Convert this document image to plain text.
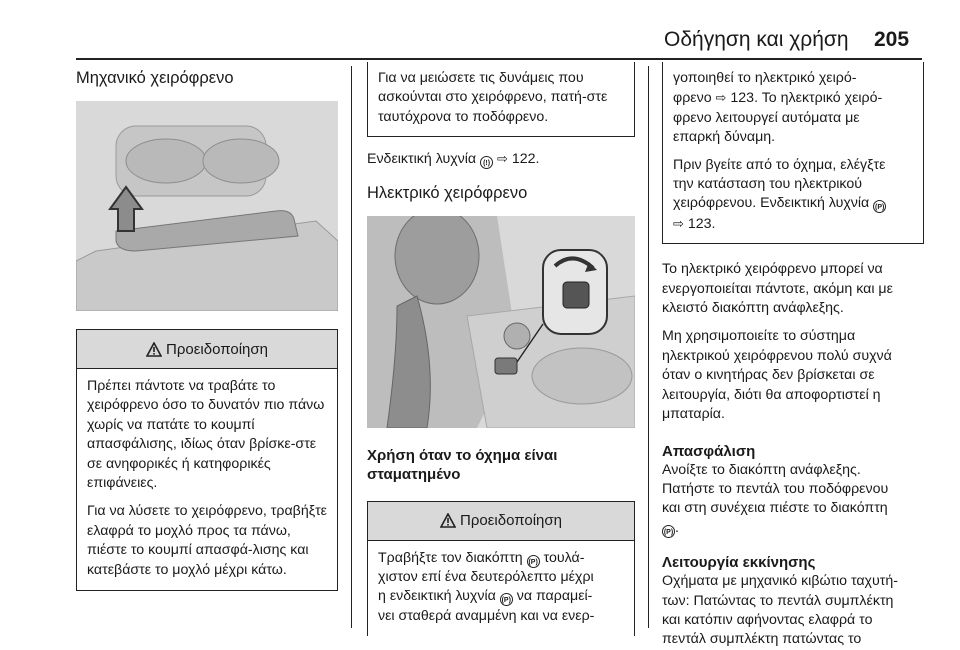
Οδήγηση και χρήση 205
Μηχανικό χειρόφρενο
Προειδοποίηση

Πρέπει πάντοτε να τραβάτε το χειρόφρενο όσο το δυνατόν πιο πάνω χωρίς να πατάτε το κουμπί απασφάλισης, ιδίως όταν βρίσκε-στε σε ανηφορικές ή κατηφορικές επιφάνειες.

Για να λύσετε το χειρόφρενο, τραβήξτε ελαφρά το μοχλό προς τα πάνω, πιέστε το κουμπί απασφά-λισης και κατεβάστε το μοχλό μέχρι κάτω.

Για να μειώσετε τις δυνάμεις που ασκούνται στο χειρόφρενο, πατή-στε ταυτόχρονα το ποδόφρενο.

Ενδεικτική λυχνία (!) ⇨ 122.

Ηλεκτρικό χειρόφρενο
Χρήση όταν το όχημα είναι σταματημένο
Προειδοποίηση

Τραβήξτε τον διακόπτη (P) τουλά-

χιστον επί ένα δευτερόλεπτο μέχρι

η ενδεικτική λυχνία (P) να παραμεί-

νει σταθερά αναμμένη και να ενερ-

γοποιηθεί το ηλεκτρικό χειρό-

φρενο ⇨ 123. Το ηλεκτρικό χειρό-

φρενο λειτουργεί αυτόματα με

επαρκή δύναμη.

Πριν βγείτε από το όχημα, ελέγξτε

την κατάσταση του ηλεκτρικού

χειρόφρενου. Ενδεικτική λυχνία (P)

⇨ 123.

Το ηλεκτρικό χειρόφρενο μπορεί να ενεργοποιείται πάντοτε, ακόμη και με κλειστό διακόπτη ανάφλεξης.

Μη χρησιμοποιείτε το σύστημα ηλεκτρικού χειρόφρενου πολύ συχνά όταν ο κινητήρας δεν βρίσκεται σε λειτουργία, διότι θα αποφορτιστεί η μπαταρία.

Απασφάλιση

Ανοίξτε το διακόπτη ανάφλεξης.

Πατήστε το πεντάλ του ποδόφρενου

και στη συνέχεια πιέστε το διακόπτη

(P) .

Λειτουργία εκκίνησης

Οχήματα με μηχανικό κιβώτιο ταχυτή-

των: Πατώντας το πεντάλ συμπλέκτη

και κατόπιν αφήνοντας ελαφρά το

πεντάλ συμπλέκτη πατώντας το
